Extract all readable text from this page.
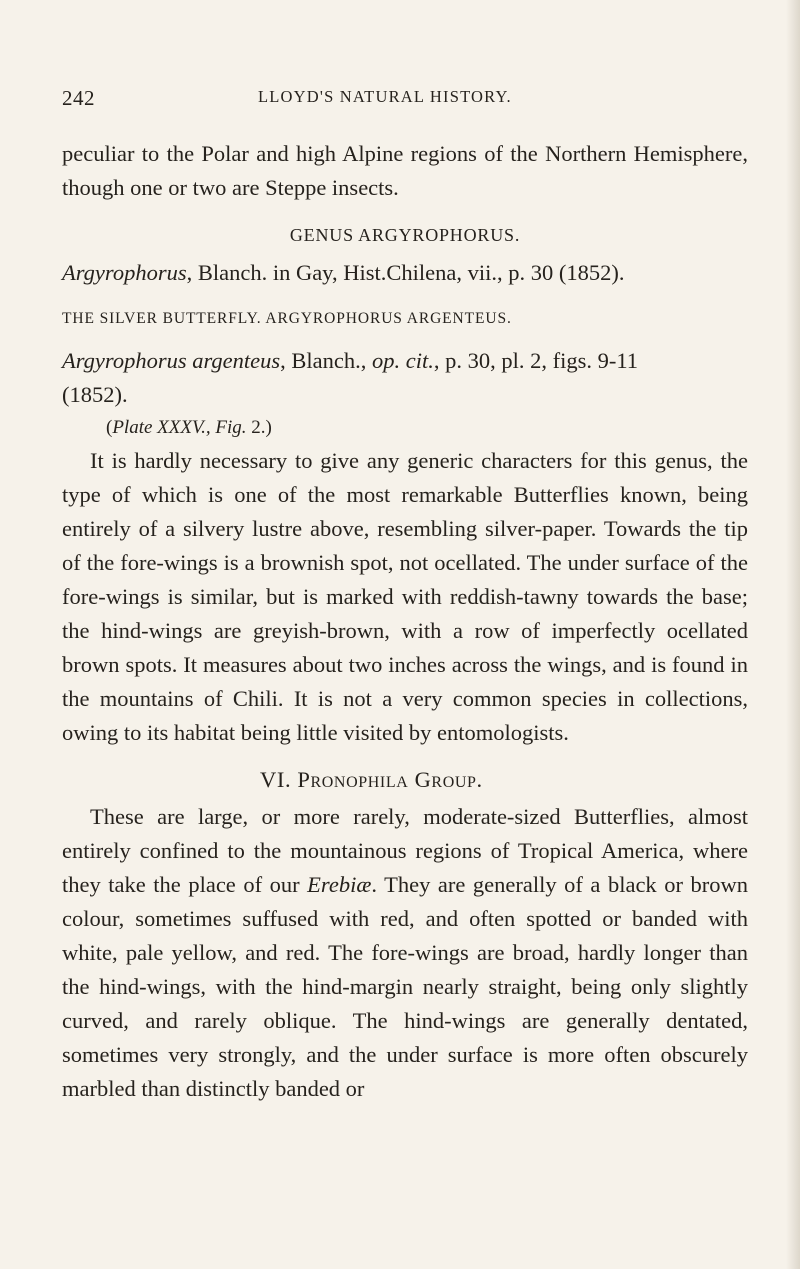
242	LLOYD'S NATURAL HISTORY.

peculiar to the Polar and high Alpine regions of the Northern Hemisphere, though one or two are Steppe insects.

GENUS ARGYROPHORUS.

Argyrophorus, Blanch. in Gay, Hist.Chilena, vii., p. 30 (1852).

THE SILVER BUTTERFLY. ARGYROPHORUS ARGENTEUS.

Argyrophorus argenteus, Blanch., op. cit., p. 30, pl. 2, figs. 9-11
(1852).

(Plate XXXV., Fig. 2.)

It is hardly necessary to give any generic characters for this genus, the type of which is one of the most remarkable Butterflies known, being entirely of a silvery lustre above, resembling silver-paper. Towards the tip of the fore-wings is a brownish spot, not ocellated. The under surface of the fore-wings is similar, but is marked with reddish-tawny towards the base; the hind-wings are greyish-brown, with a row of imperfectly ocellated brown spots. It measures about two inches across the wings, and is found in the mountains of Chili. It is not a very common species in collections, owing to its habitat being little visited by entomologists.

VI. Pronophila Group.

These are large, or more rarely, moderate-sized Butterflies, almost entirely confined to the mountainous regions of Tropical America, where they take the place of our Erebiæ. They are generally of a black or brown colour, sometimes suffused with red, and often spotted or banded with white, pale yellow, and red. The fore-wings are broad, hardly longer than the hind-wings, with the hind-margin nearly straight, being only slightly curved, and rarely oblique. The hind-wings are generally dentated, sometimes very strongly, and the under surface is more often obscurely marbled than distinctly banded or
